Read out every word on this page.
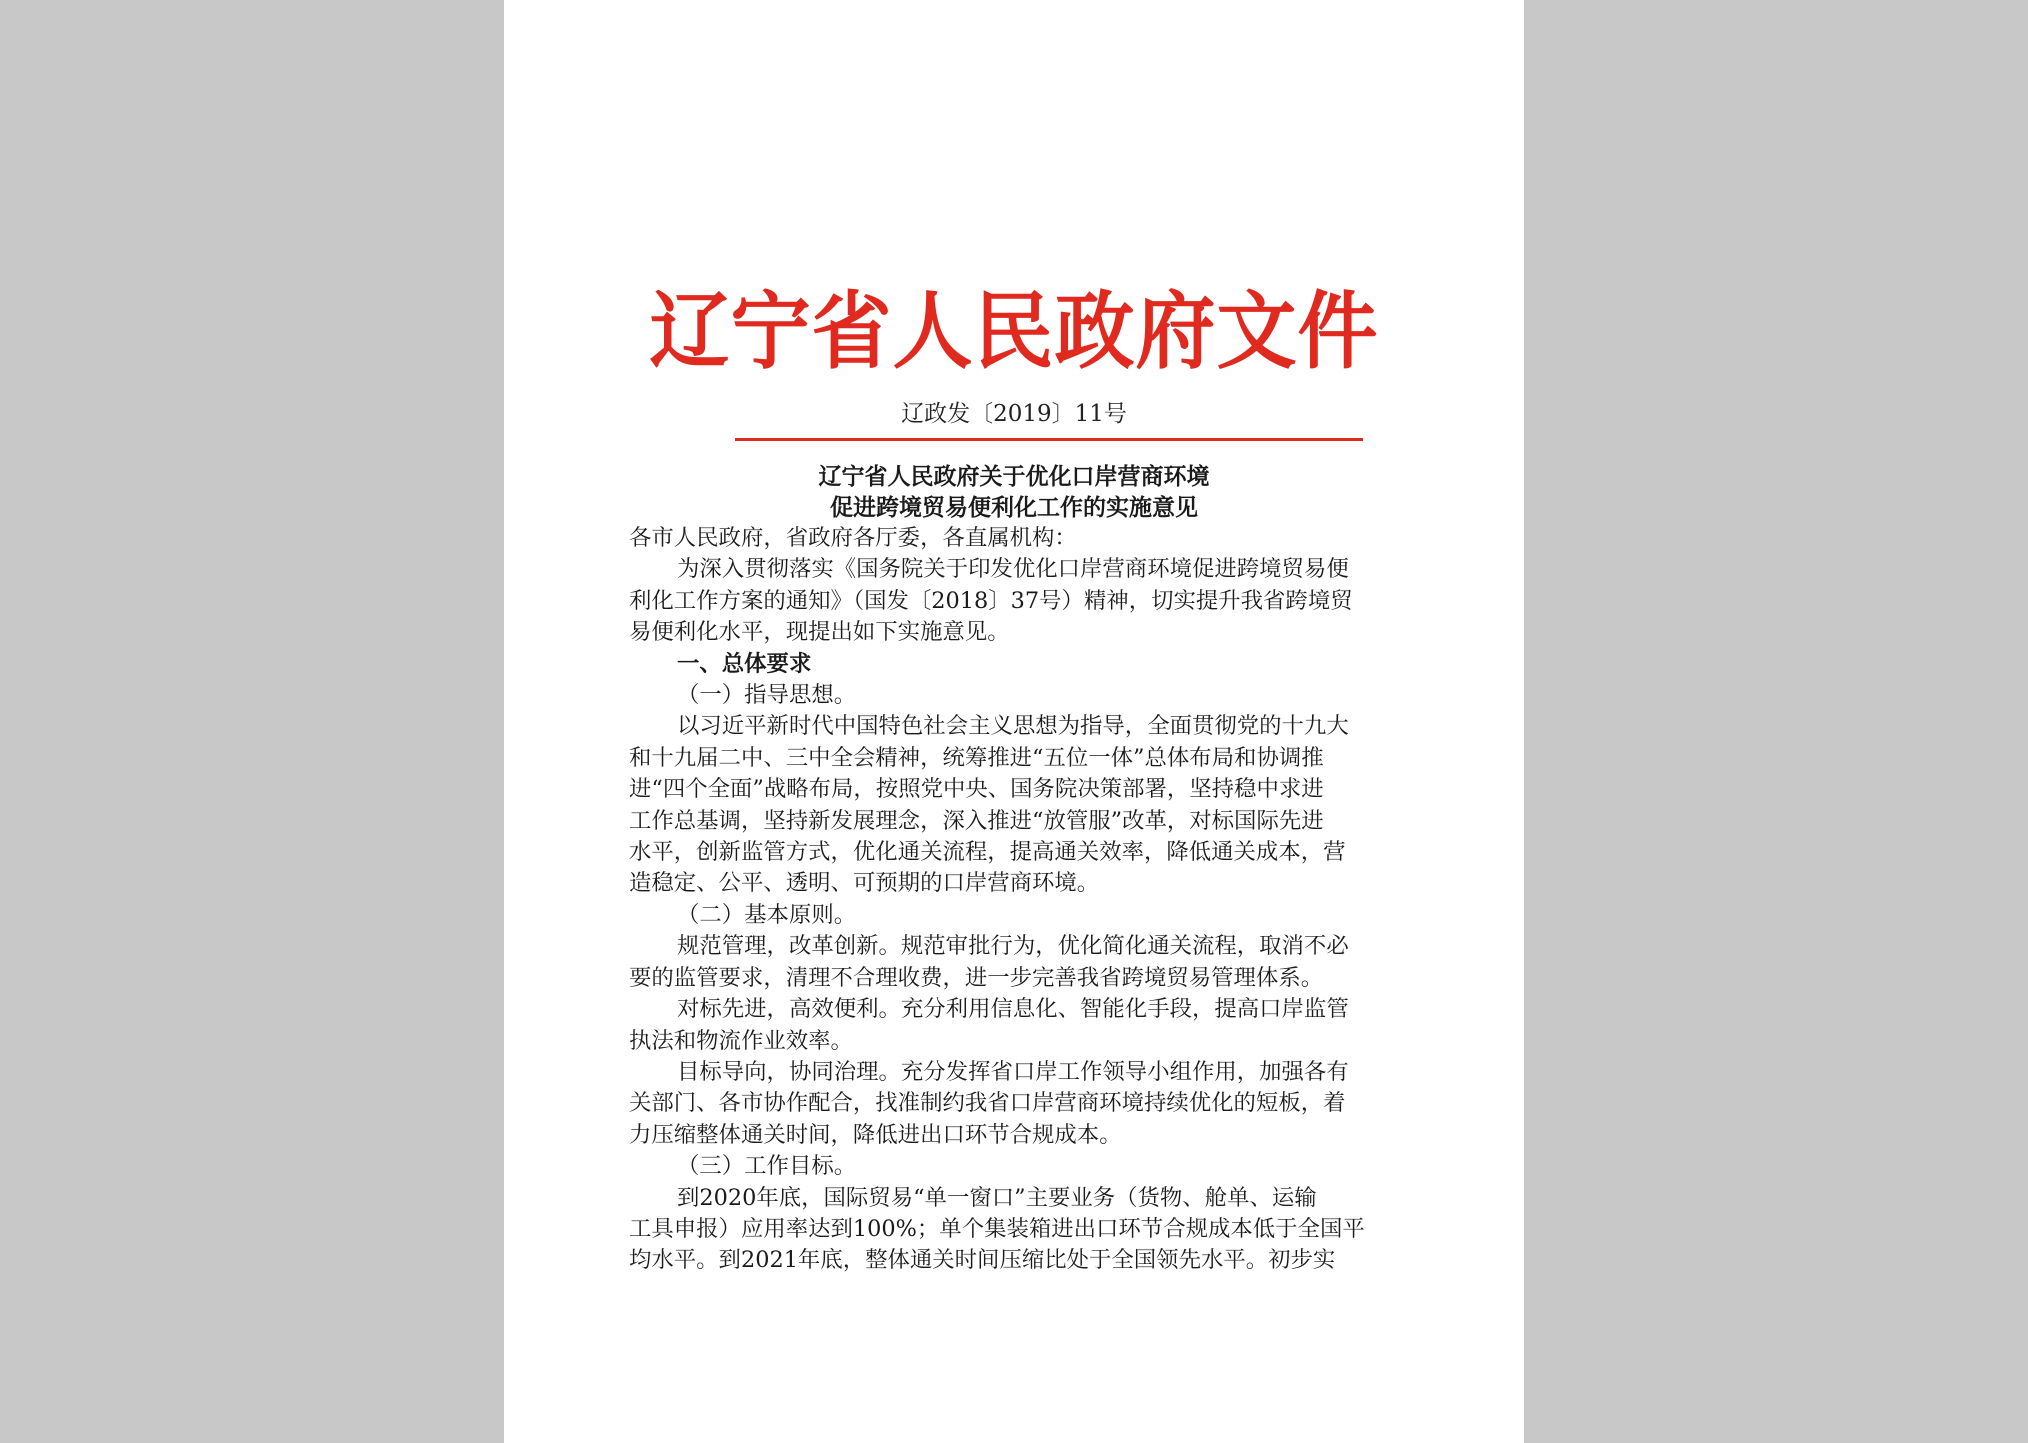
辽宁省人民政府文件
辽政发〔2019〕11号
辽宁省人民政府关于优化口岸营商环境
促进跨境贸易便利化工作的实施意见

各市人民政府，省政府各厅委，各直属机构：

为深入贯彻落实《国务院关于印发优化口岸营商环境促进跨境贸易便

利化工作方案的通知》（国发〔2018〕37号）精神，切实提升我省跨境贸

易便利化水平，现提出如下实施意见。

一、总体要求

（一）指导思想。

以习近平新时代中国特色社会主义思想为指导，全面贯彻党的十九大

和十九届二中、三中全会精神，统筹推进“五位一体”总体布局和协调推

进“四个全面”战略布局，按照党中央、国务院决策部署，坚持稳中求进

工作总基调，坚持新发展理念，深入推进“放管服”改革，对标国际先进

水平，创新监管方式，优化通关流程，提高通关效率，降低通关成本，营

造稳定、公平、透明、可预期的口岸营商环境。

（二）基本原则。

规范管理，改革创新。规范审批行为，优化简化通关流程，取消不必

要的监管要求，清理不合理收费，进一步完善我省跨境贸易管理体系。

对标先进，高效便利。充分利用信息化、智能化手段，提高口岸监管

执法和物流作业效率。

目标导向，协同治理。充分发挥省口岸工作领导小组作用，加强各有

关部门、各市协作配合，找准制约我省口岸营商环境持续优化的短板，着

力压缩整体通关时间，降低进出口环节合规成本。

（三）工作目标。

到2020年底，国际贸易“单一窗口”主要业务（货物、舱单、运输

工具申报）应用率达到100%；单个集装箱进出口环节合规成本低于全国平

均水平。到2021年底，整体通关时间压缩比处于全国领先水平。初步实
